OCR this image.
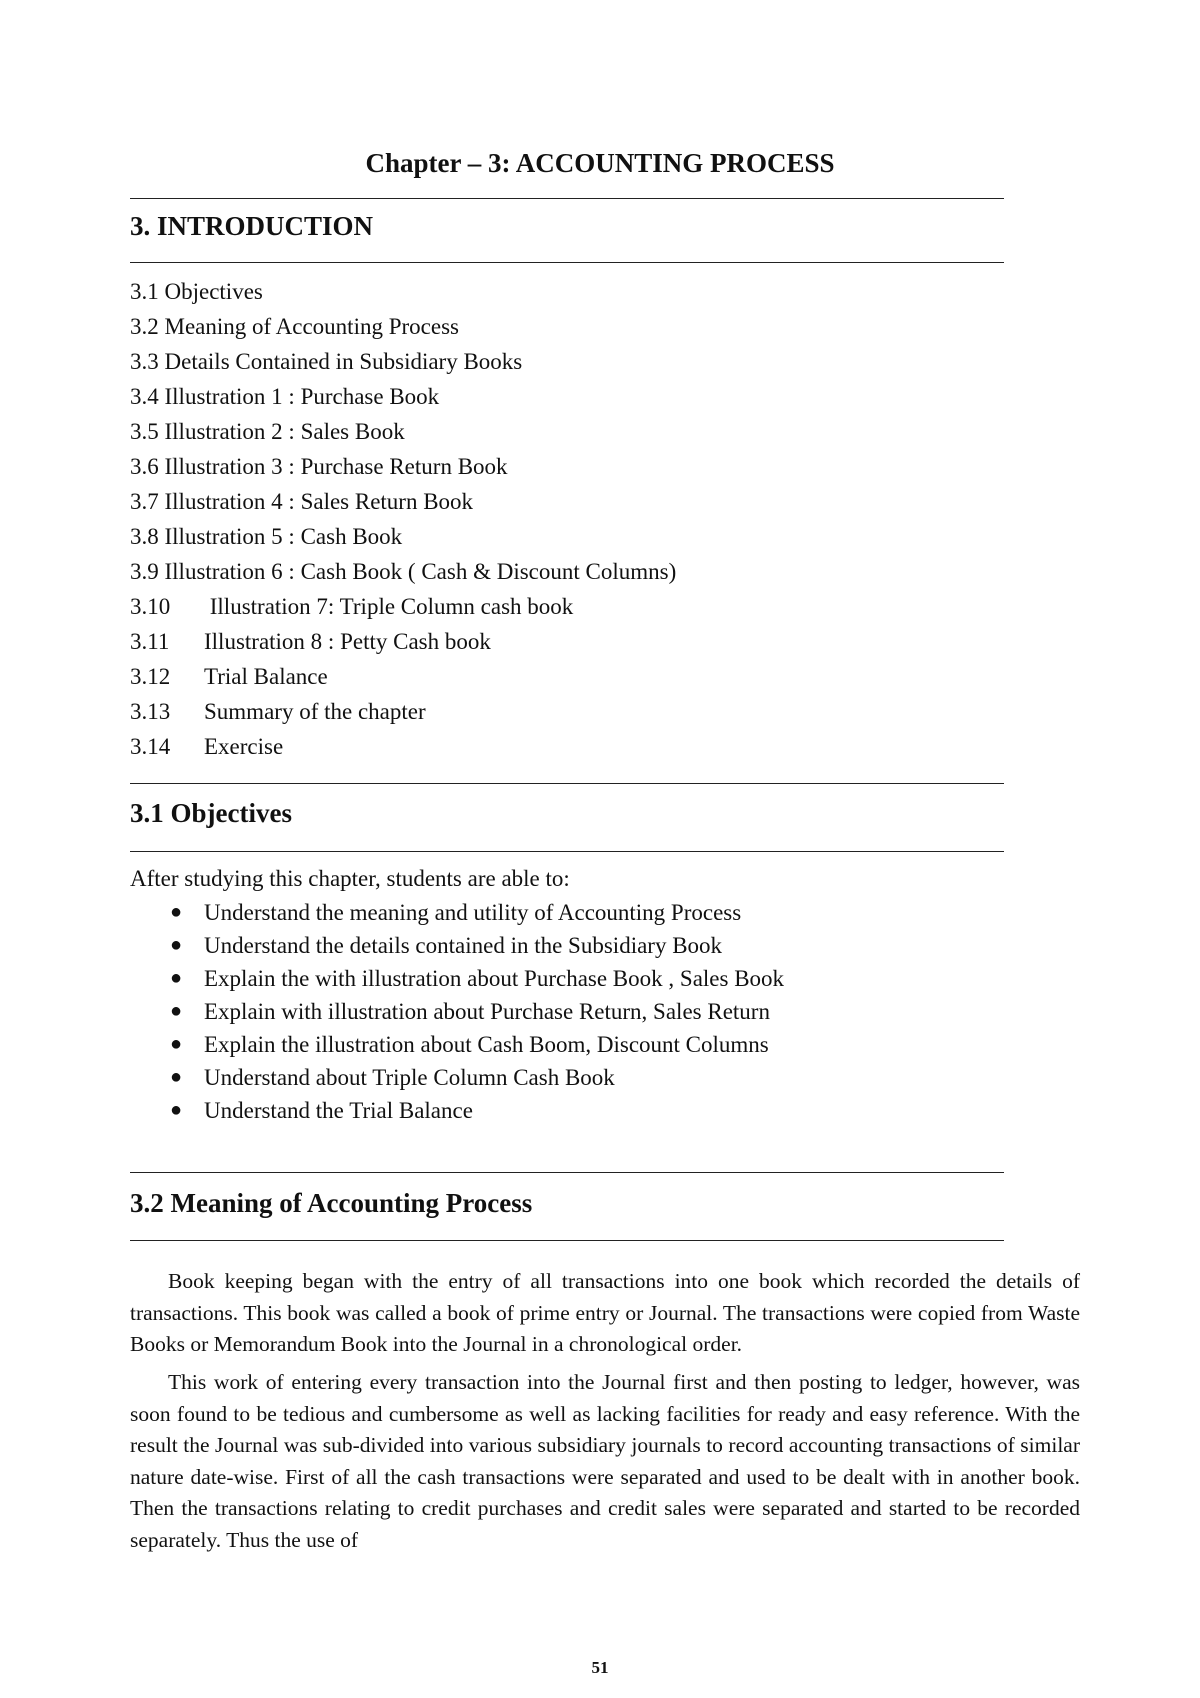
Chapter – 3: ACCOUNTING PROCESS
3. INTRODUCTION
3.1 Objectives
3.2 Meaning of Accounting Process
3.3 Details Contained in Subsidiary Books
3.4 Illustration 1 : Purchase Book
3.5 Illustration 2 : Sales Book
3.6 Illustration 3 : Purchase Return Book
3.7 Illustration 4 : Sales Return Book
3.8 Illustration 5 : Cash Book
3.9 Illustration 6 : Cash Book ( Cash & Discount Columns)
3.10 Illustration 7: Triple Column cash book
3.11 Illustration 8 : Petty Cash book
3.12 Trial Balance
3.13 Summary of the chapter
3.14 Exercise
3.1 Objectives
After studying this chapter, students are able to:
● Understand the meaning and utility of Accounting Process
● Understand the details contained in the Subsidiary Book
● Explain the with illustration about Purchase Book , Sales Book
● Explain with illustration about Purchase Return, Sales Return
● Explain the illustration about Cash Boom, Discount Columns
● Understand about Triple Column Cash Book
● Understand the Trial Balance
3.2 Meaning of Accounting Process

Book keeping began with the entry of all transactions into one book which recorded the details of transactions. This book was called a book of prime entry or Journal. The transactions were copied from Waste Books or Memorandum Book into the Journal in a chronological order.

This work of entering every transaction into the Journal first and then posting to ledger, however, was soon found to be tedious and cumbersome as well as lacking facilities for ready and easy reference. With the result the Journal was sub-divided into various subsidiary journals to record accounting transactions of similar nature date-wise. First of all the cash transactions were separated and used to be dealt with in another book. Then the transactions relating to credit purchases and credit sales were separated and started to be recorded separately. Thus the use of

51
